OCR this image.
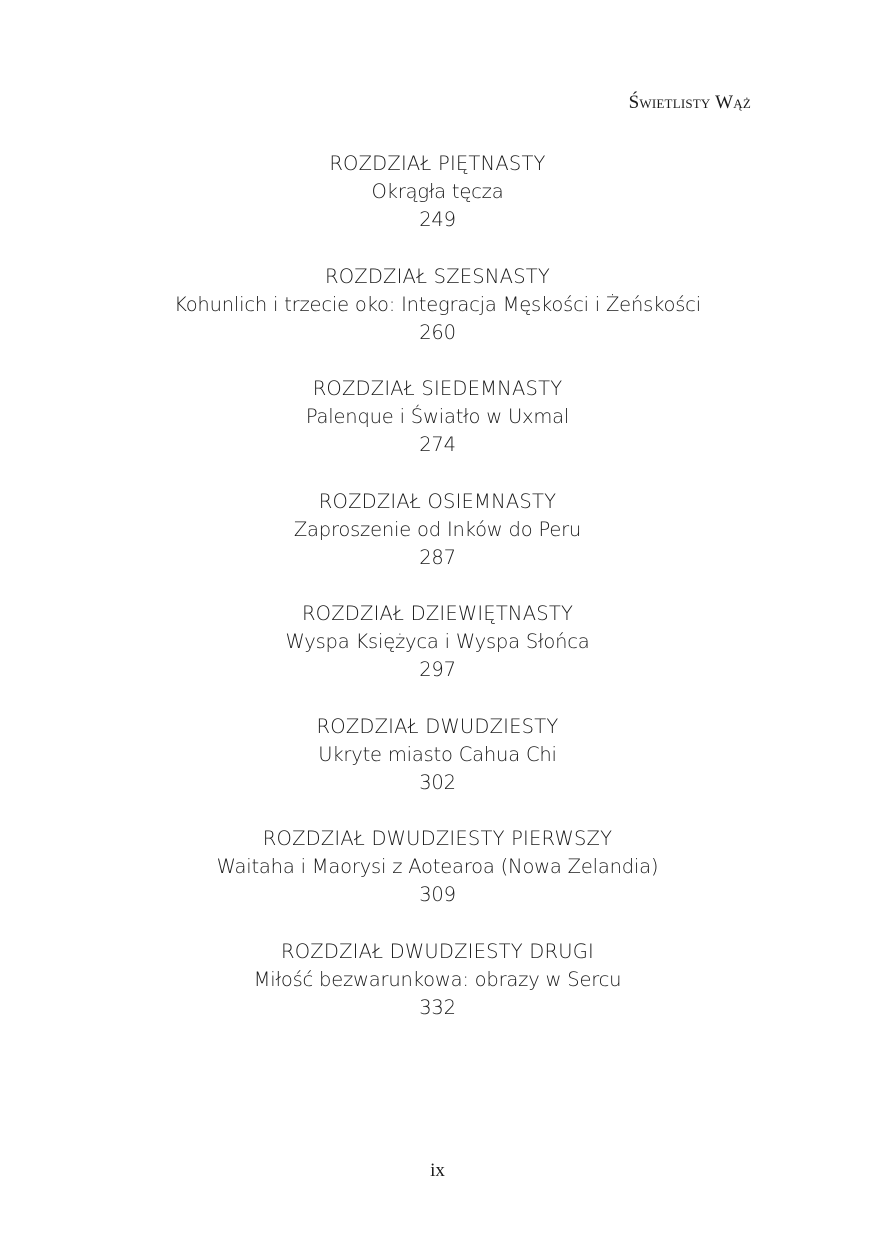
Świetlisty Wąż
ROZDZIAŁ PIĘTNASTY
Okrągła tęcza
249
ROZDZIAŁ SZESNASTY
Kohunlich i trzecie oko: Integracja Męskości i Żeńskości
260
ROZDZIAŁ SIEDEMNASTY
Palenque i Światło w Uxmal
274
ROZDZIAŁ OSIEMNASTY
Zaproszenie od Inków do Peru
287
ROZDZIAŁ DZIEWIĘTNASTY
Wyspa Księżyca i Wyspa Słońca
297
ROZDZIAŁ DWUDZIESTY
Ukryte miasto Cahua Chi
302
ROZDZIAŁ DWUDZIESTY PIERWSZY
Waitaha i Maorysi z Aotearoa (Nowa Zelandia)
309
ROZDZIAŁ DWUDZIESTY DRUGI
Miłość bezwarunkowa: obrazy w Sercu
332
ix
